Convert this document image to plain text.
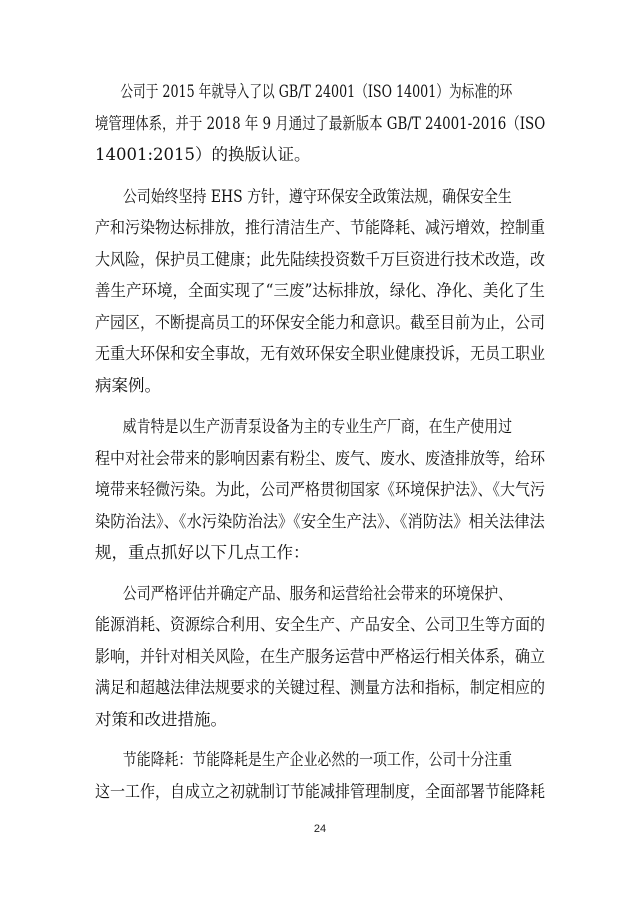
公司于 2015 年就导入了以 GB/T 24001（ISO 14001）为标准的环
境管理体系，并于 2018 年 9 月通过了最新版本 GB/T 24001-2016（ISO
14001:2015）的换版认证。

公司始终坚持 EHS 方针，遵守环保安全政策法规，确保安全生
产和污染物达标排放，推行清洁生产、节能降耗、减污增效，控制重
大风险，保护员工健康；此先陆续投资数千万巨资进行技术改造，改
善生产环境，全面实现了“三废”达标排放，绿化、净化、美化了生
产园区，不断提高员工的环保安全能力和意识。截至目前为止，公司
无重大环保和安全事故，无有效环保安全职业健康投诉，无员工职业
病案例。

威肯特是以生产沥青泵设备为主的专业生产厂商，在生产使用过
程中对社会带来的影响因素有粉尘、废气、废水、废渣排放等，给环
境带来轻微污染。为此，公司严格贯彻国家《环境保护法》、《大气污
染防治法》、《水污染防治法》《安全生产法》、《消防法》相关法律法
规，重点抓好以下几点工作：

公司严格评估并确定产品、服务和运营给社会带来的环境保护、
能源消耗、资源综合利用、安全生产、产品安全、公司卫生等方面的
影响，并针对相关风险，在生产服务运营中严格运行相关体系，确立
满足和超越法律法规要求的关键过程、测量方法和指标，制定相应的
对策和改进措施。

节能降耗：节能降耗是生产企业必然的一项工作，公司十分注重
这一工作，自成立之初就制订节能减排管理制度，全面部署节能降耗

24
